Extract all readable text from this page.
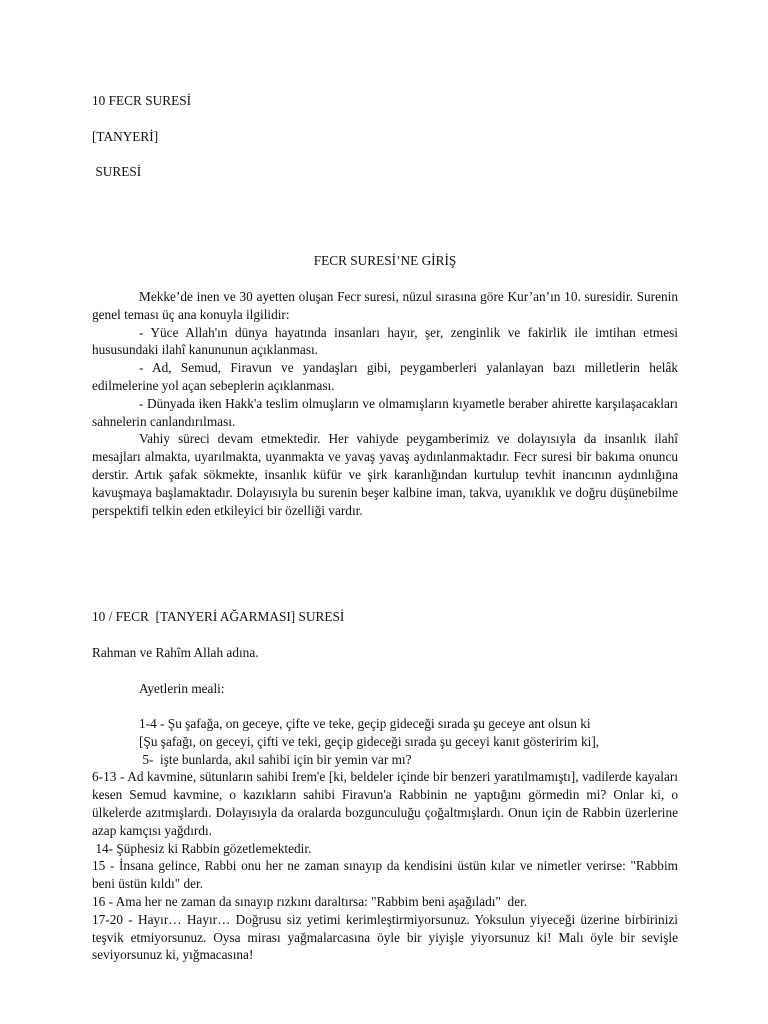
10 FECR SURESİ
[TANYERİ]
SURESİ
FECR SURESİ’NE GİRİŞ

Mekke’de inen ve 30 ayetten oluşan Fecr suresi, nüzul sırasına göre Kur’an’ın 10. suresidir. Surenin genel teması üç ana konuyla ilgilidir:

- Yüce Allah'ın dünya hayatında insanları hayır, şer, zenginlik ve fakirlik ile imtihan etmesi hususundaki ilahî kanununun açıklanması.

- Ad, Semud, Firavun ve yandaşları gibi, peygamberleri yalanlayan bazı milletlerin helâk edilmelerine yol açan sebeplerin açıklanması.

- Dünyada iken Hakk'a teslim olmuşların ve olmamışların kıyametle beraber ahirette karşılaşacakları sahnelerin canlandırılması.

Vahiy süreci devam etmektedir. Her vahiyde peygamberimiz ve dolayısıyla da insanlık ilahî mesajları almakta, uyarılmakta, uyanmakta ve yavaş yavaş aydınlanmaktadır. Fecr suresi bir bakıma onuncu derstir. Artık şafak sökmekte, insanlık küfür ve şirk karanlığından kurtulup tevhit inancının aydınlığına kavuşmaya başlamaktadır. Dolayısıyla bu surenin beşer kalbine iman, takva, uyanıklık ve doğru düşünebilme perspektifi telkin eden etkileyici bir özelliği vardır.

10 / FECR  [TANYERİ AĞARMASI] SURESİ
Rahman ve Rahîm Allah adına.
Ayetlerin meali:

1-4 - Şu şafağa, on geceye, çifte ve teke, geçip gideceği sırada şu geceye ant olsun ki

[Şu şafağı, on geceyi, çifti ve teki, geçip gideceği sırada şu geceyi kanıt gösteririm ki],

5-  işte bunlarda, akıl sahibi için bir yemin var mı?

6-13 - Ad kavmine, sütunların sahibi Irem'e [ki, beldeler içinde bir benzeri yaratılmamıştı], vadilerde kayaları kesen Semud kavmine, o kazıkların sahibi Firavun'a Rabbinin ne yaptığını görmedin mi? Onlar ki, o ülkelerde azıtmışlardı. Dolayısıyla da oralarda bozgunculuğu çoğaltmışlardı. Onun için de Rabbin üzerlerine azap kamçısı yağdırdı.

14- Şüphesiz ki Rabbin gözetlemektedir.

15 - İnsana gelince, Rabbi onu her ne zaman sınayıp da kendisini üstün kılar ve nimetler verirse: "Rabbim beni üstün kıldı" der.

16 - Ama her ne zaman da sınayıp rızkını daraltırsa: "Rabbim beni aşağıladı"  der.

17-20 - Hayır… Hayır… Doğrusu siz yetimi kerimleştirmiyorsunuz. Yoksulun yiyeceği üzerine birbirinizi teşvik etmiyorsunuz. Oysa mirası yağmalarcasına öyle bir yiyişle yiyorsunuz ki! Malı öyle bir sevişle seviyorsunuz ki, yığmacasına!
